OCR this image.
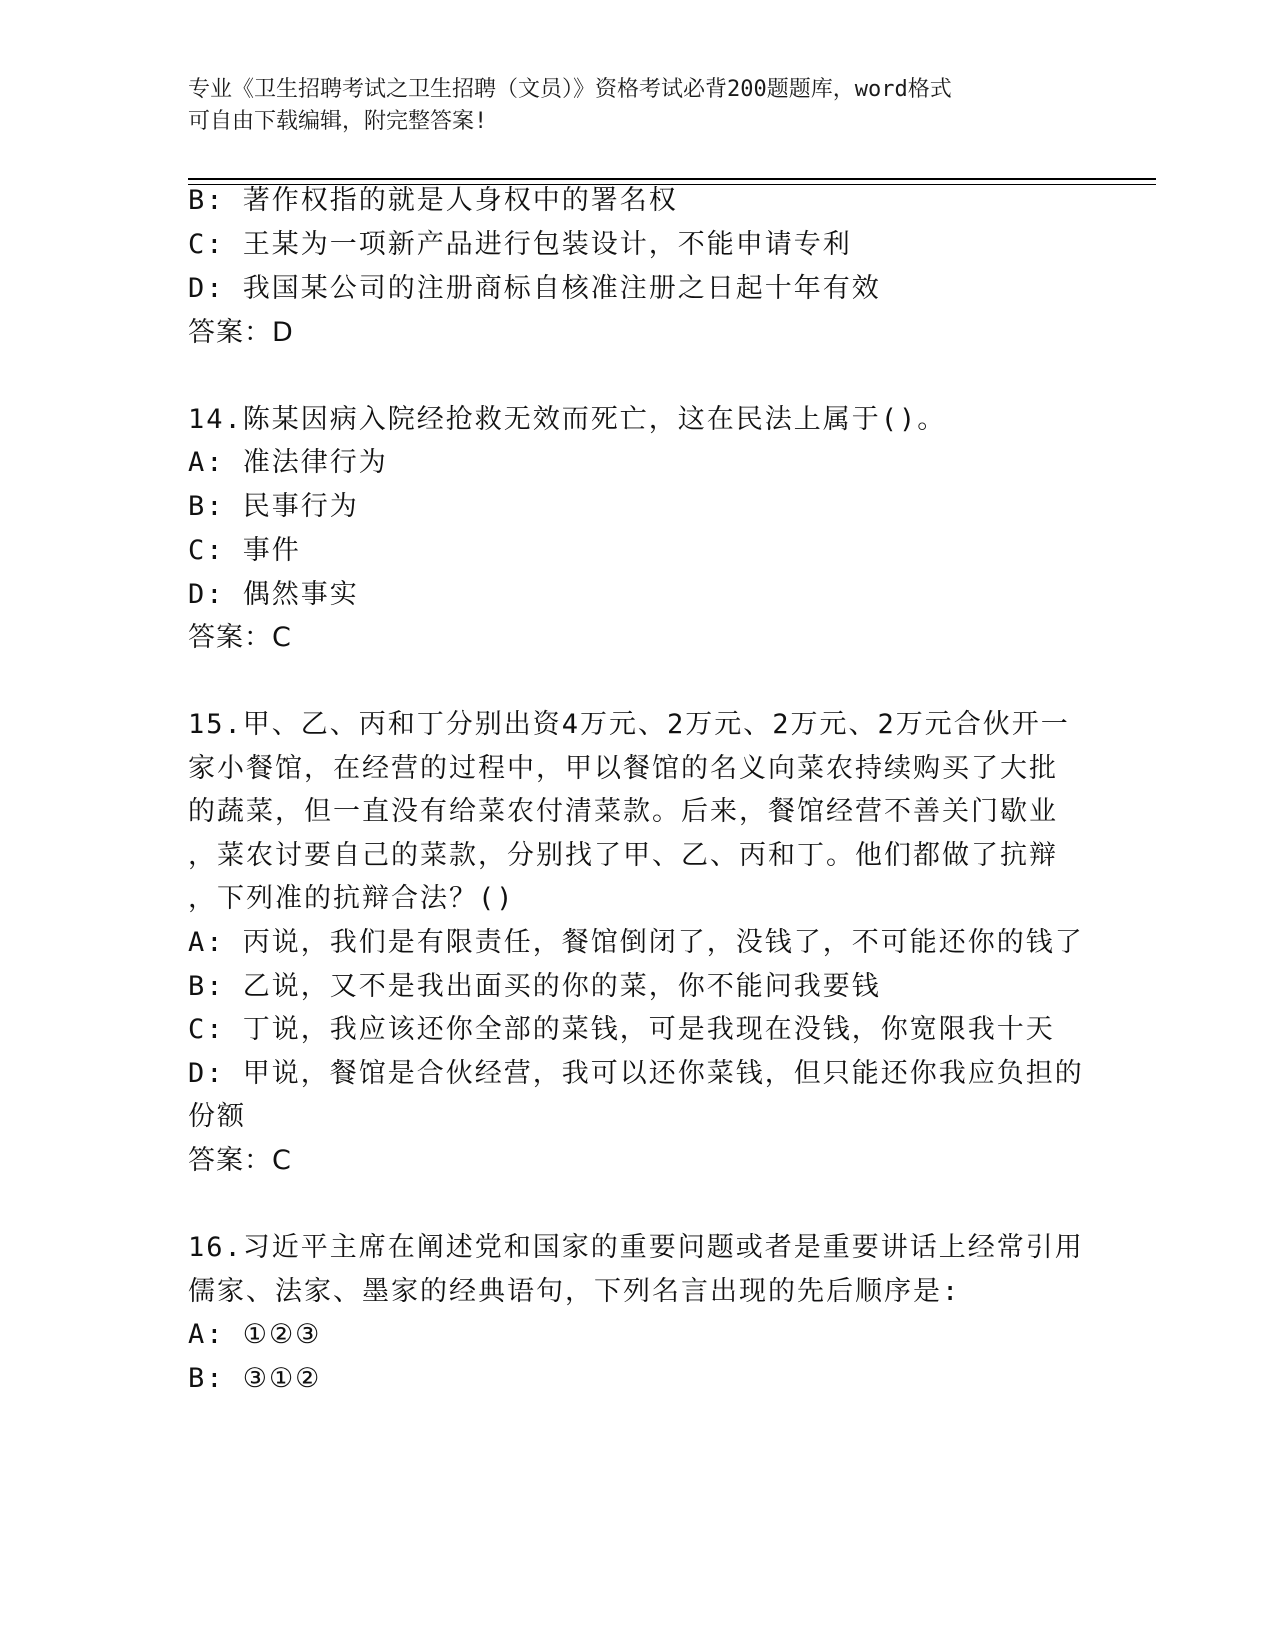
专业《卫生招聘考试之卫生招聘（文员）》资格考试必背200题题库，word格式
可自由下载编辑，附完整答案!
B: 著作权指的就是人身权中的署名权
C: 王某为一项新产品进行包装设计，不能申请专利
D: 我国某公司的注册商标自核准注册之日起十年有效
答案：D
14.陈某因病入院经抢救无效而死亡，这在民法上属于()。
A: 准法律行为
B: 民事行为
C: 事件
D: 偶然事实
答案：C
15.甲、乙、丙和丁分别出资4万元、2万元、2万元、2万元合伙开一
家小餐馆，在经营的过程中，甲以餐馆的名义向菜农持续购买了大批
的蔬菜，但一直没有给菜农付清菜款。后来，餐馆经营不善关门歇业
，菜农讨要自己的菜款，分别找了甲、乙、丙和丁。他们都做了抗辩
，下列准的抗辩合法？()
A: 丙说，我们是有限责任，餐馆倒闭了，没钱了，不可能还你的钱了
B: 乙说，又不是我出面买的你的菜，你不能问我要钱
C: 丁说，我应该还你全部的菜钱，可是我现在没钱，你宽限我十天
D: 甲说，餐馆是合伙经营，我可以还你菜钱，但只能还你我应负担的
份额
答案：C
16.习近平主席在阐述党和国家的重要问题或者是重要讲话上经常引用
儒家、法家、墨家的经典语句，下列名言出现的先后顺序是:
A: ①②③
B: ③①②
